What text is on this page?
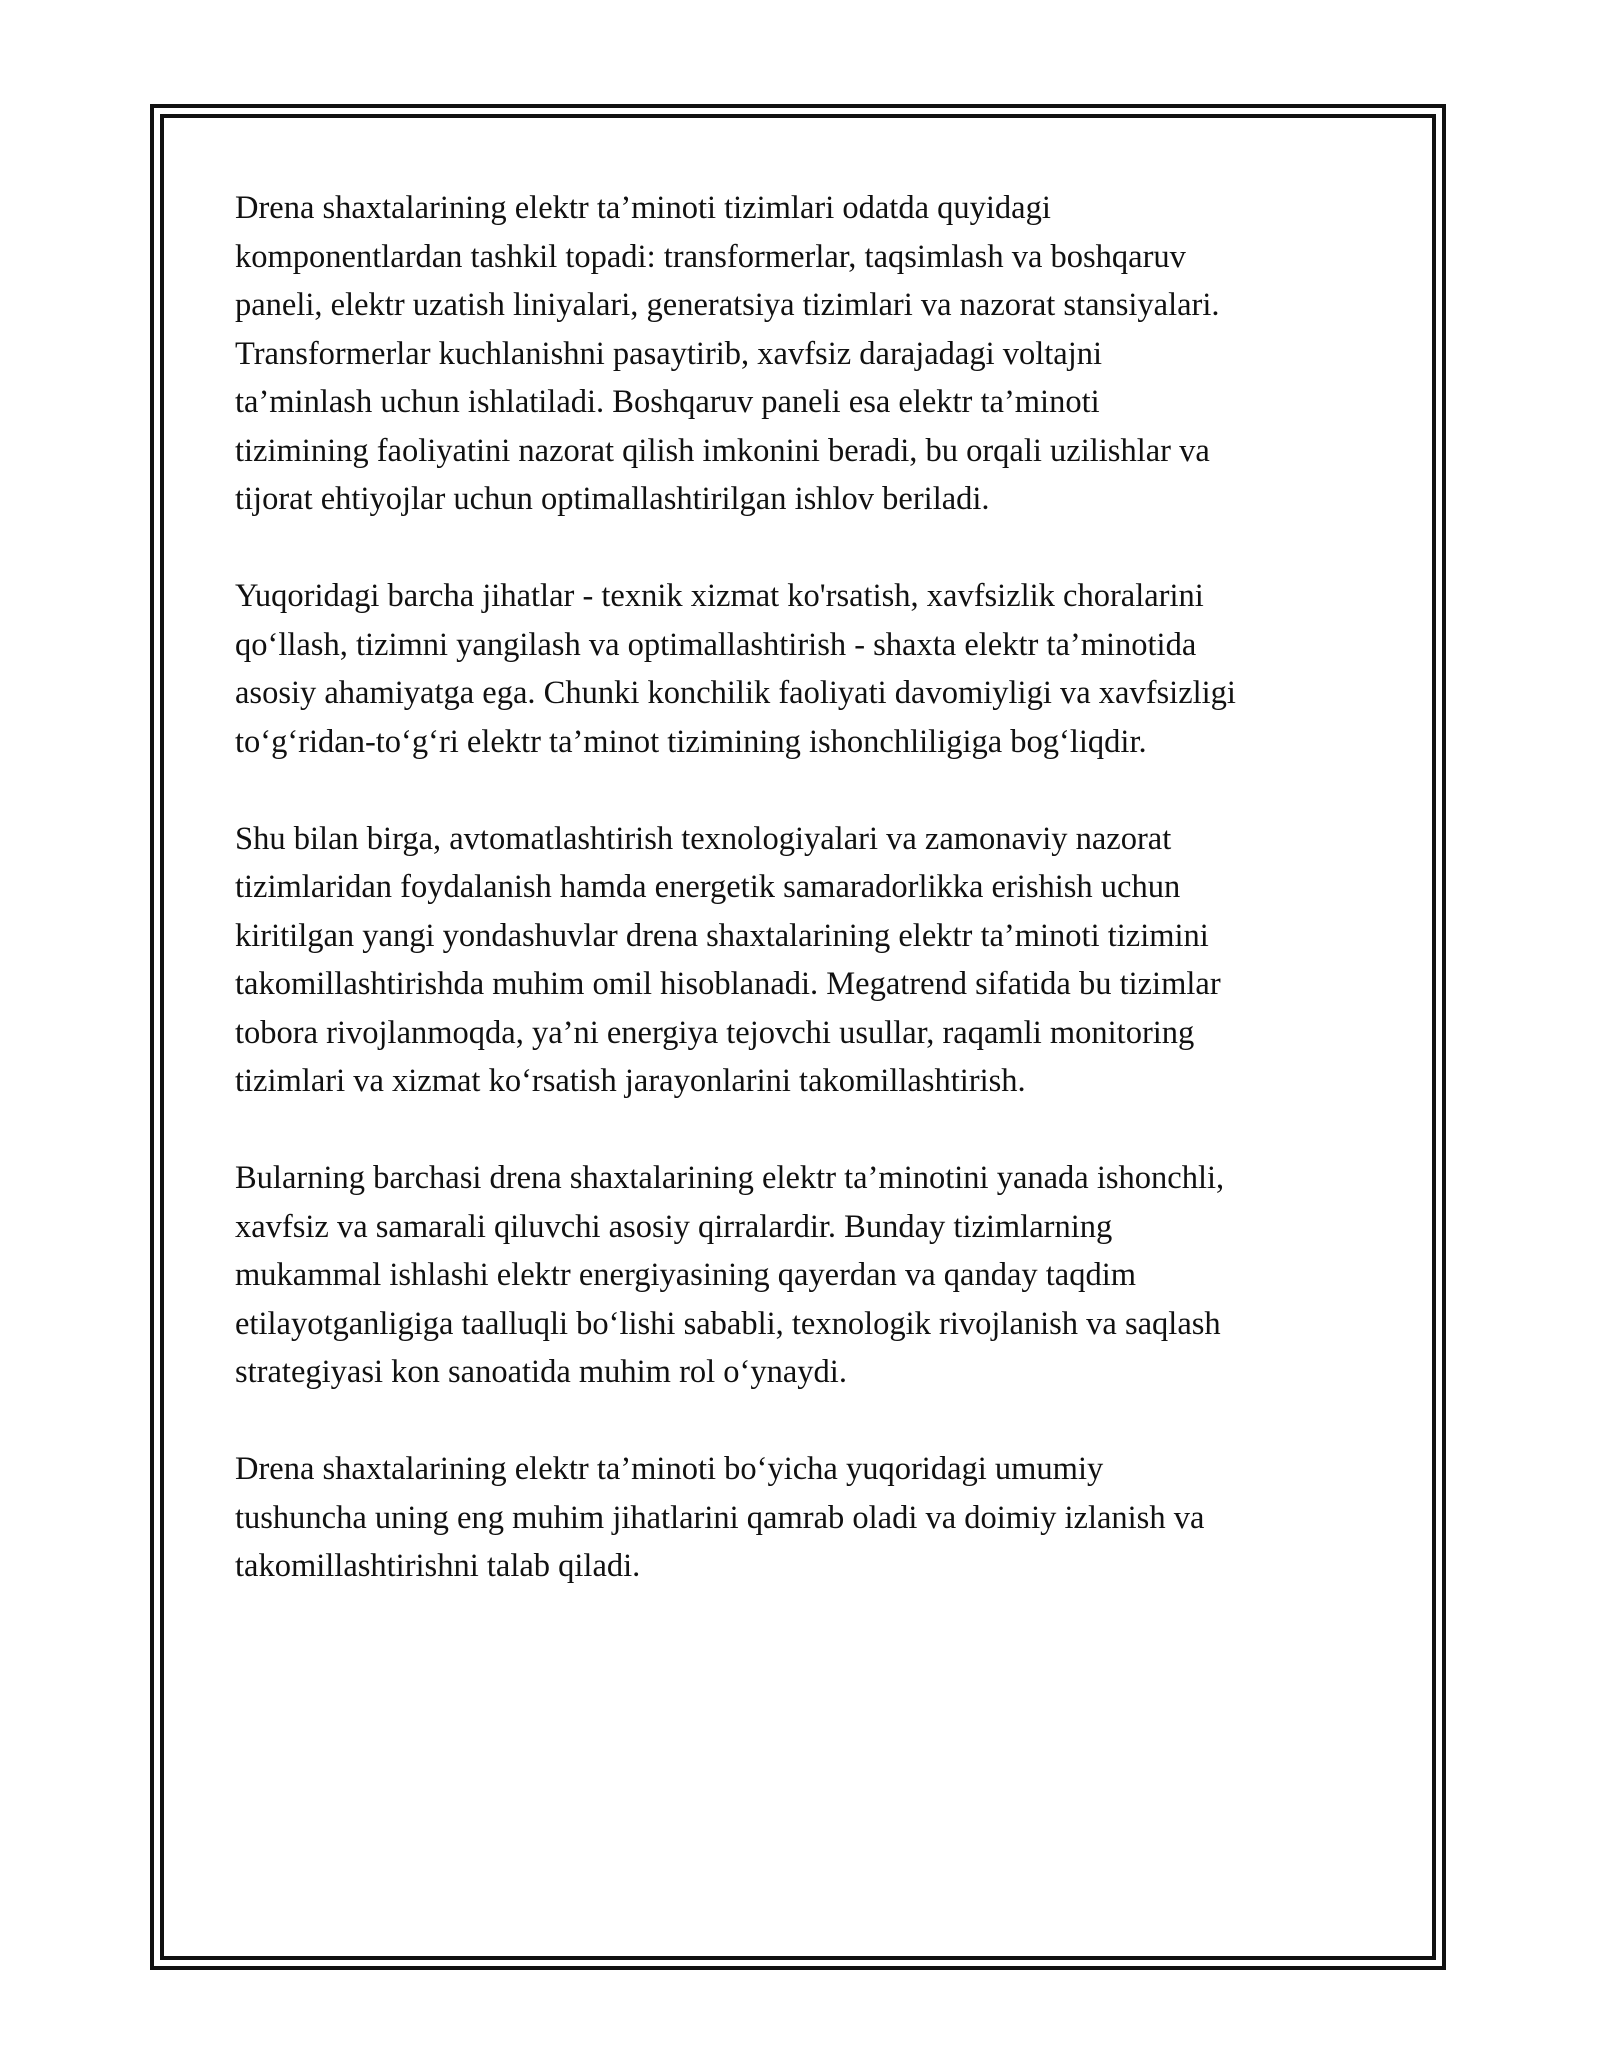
Drena shaxtalarining elektr ta’minoti tizimlari odatda quyidagi
komponentlardan tashkil topadi: transformerlar, taqsimlash va boshqaruv
paneli, elektr uzatish liniyalari, generatsiya tizimlari va nazorat stansiyalari.
Transformerlar kuchlanishni pasaytirib, xavfsiz darajadagi voltajni
ta’minlash uchun ishlatiladi. Boshqaruv paneli esa elektr ta’minoti
tizimining faoliyatini nazorat qilish imkonini beradi, bu orqali uzilishlar va
tijorat ehtiyojlar uchun optimallashtirilgan ishlov beriladi.

Yuqoridagi barcha jihatlar - texnik xizmat ko'rsatish, xavfsizlik choralarini
qo‘llash, tizimni yangilash va optimallashtirish - shaxta elektr ta’minotida
asosiy ahamiyatga ega. Chunki konchilik faoliyati davomiyligi va xavfsizligi
to‘g‘ridan-to‘g‘ri elektr ta’minot tizimining ishonchliligiga bog‘liqdir.

Shu bilan birga, avtomatlashtirish texnologiyalari va zamonaviy nazorat
tizimlaridan foydalanish hamda energetik samaradorlikka erishish uchun
kiritilgan yangi yondashuvlar drena shaxtalarining elektr ta’minoti tizimini
takomillashtirishda muhim omil hisoblanadi. Megatrend sifatida bu tizimlar
tobora rivojlanmoqda, ya’ni energiya tejovchi usullar, raqamli monitoring
tizimlari va xizmat ko‘rsatish jarayonlarini takomillashtirish.

Bularning barchasi drena shaxtalarining elektr ta’minotini yanada ishonchli,
xavfsiz va samarali qiluvchi asosiy qirralardir. Bunday tizimlarning
mukammal ishlashi elektr energiyasining qayerdan va qanday taqdim
etilayotganligiga taalluqli bo‘lishi sababli, texnologik rivojlanish va saqlash
strategiyasi kon sanoatida muhim rol o‘ynaydi.

Drena shaxtalarining elektr ta’minoti bo‘yicha yuqoridagi umumiy
tushuncha uning eng muhim jihatlarini qamrab oladi va doimiy izlanish va
takomillashtirishni talab qiladi.
